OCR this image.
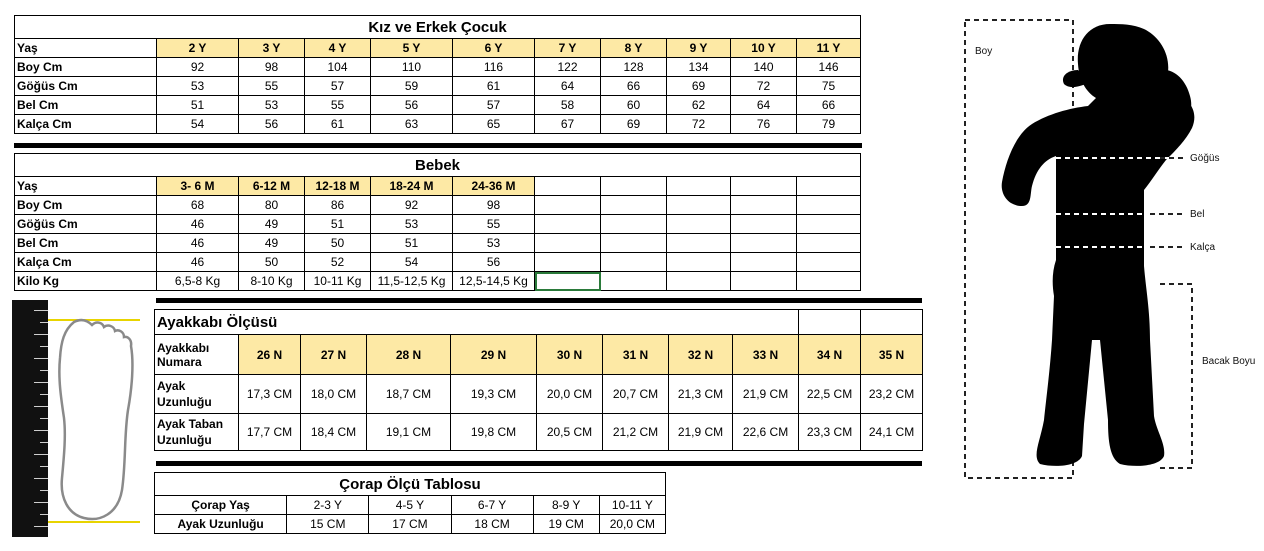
Kız ve Erkek Çocuk										
Yaş	2 Y	3 Y	4 Y	5 Y	6 Y	7 Y	8 Y	9 Y	10 Y	11 Y
Boy Cm	92	98	104	110	116	122	128	134	140	146
Göğüs Cm	53	55	57	59	61	64	66	69	72	75
Bel Cm	51	53	55	56	57	58	60	62	64	66
Kalça Cm	54	56	61	63	65	67	69	72	76	79
Bebek										
Yaş	3- 6 M	6-12 M	12-18 M	18-24 M	24-36 M					
Boy Cm	68	80	86	92	98					
Göğüs Cm	46	49	51	53	55					
Bel Cm	46	49	50	51	53					
Kalça Cm	46	50	52	54	56					
Kilo Kg	6,5-8 Kg	8-10 Kg	10-11 Kg	11,5-12,5 Kg	12,5-14,5 Kg					
Ayakkabı Ölçüsü										
Ayakkabı Numara	26 N	27 N	28 N	29 N	30 N	31 N	32 N	33 N	34 N	35 N
Ayak Uzunluğu	17,3 CM	18,0 CM	18,7 CM	19,3 CM	20,0 CM	20,7 CM	21,3 CM	21,9 CM	22,5 CM	23,2 CM
Ayak Taban Uzunluğu	17,7 CM	18,4 CM	19,1 CM	19,8 CM	20,5 CM	21,2 CM	21,9 CM	22,6 CM	23,3 CM	24,1 CM
Çorap Ölçü Tablosu					
Çorap Yaş	2-3 Y	4-5 Y	6-7 Y	8-9 Y	10-11 Y
Ayak Uzunluğu	15 CM	17 CM	18 CM	19 CM	20,0 CM
Boy
Göğüs
Bel
Kalça
Bacak Boyu
